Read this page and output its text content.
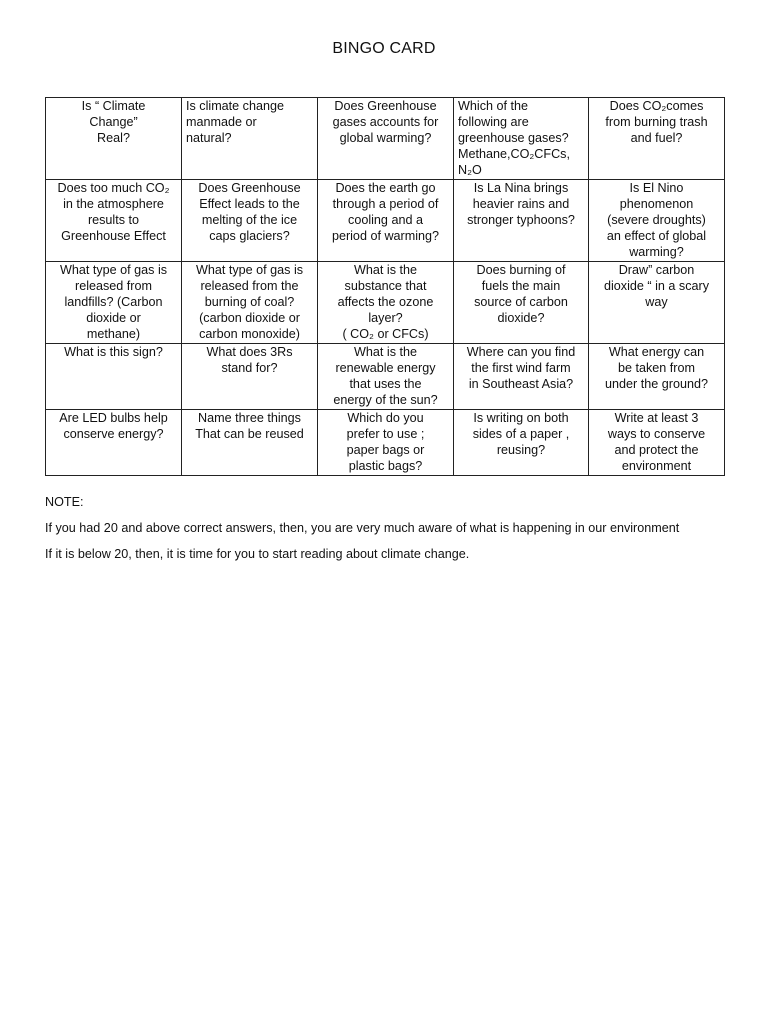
BINGO CARD
Is “ Climate
Change”
Real?	Is climate change
manmade or
natural?	Does Greenhouse
gases accounts for
global warming?	Which of the
following are
greenhouse gases?
Methane,CO₂CFCs,
N₂O	Does CO₂comes
from burning trash
and fuel?
Does too much CO₂
in the atmosphere
results to
Greenhouse Effect	Does Greenhouse
Effect leads to the
melting of the ice
caps glaciers?	Does the earth go
through a period of
cooling and a
period of warming?	Is La Nina brings
heavier rains and
stronger typhoons?	Is El Nino
phenomenon
(severe droughts)
an effect of global
warming?
What type of gas is
released from
landfills? (Carbon
dioxide or
methane)	What type of gas is
released from the
burning of coal?
(carbon dioxide or
carbon monoxide)	What is the
substance that
affects the ozone
layer?
( CO₂ or CFCs)	Does burning of
fuels the main
source of carbon
dioxide?	Draw” carbon
dioxide “ in a scary
way
What is this sign?	What does 3Rs
stand for?	What is the
renewable energy
that uses the
energy of the sun?	Where can you find
the first wind farm
in Southeast Asia?	What energy can
be taken from
under the ground?
Are LED bulbs help
conserve energy?	Name three things
That can be reused	Which do you
prefer to use ;
paper bags or
plastic bags?	Is writing on both
sides of a paper ,
reusing?	Write at least 3
ways to conserve
and protect the
environment

NOTE:

If you had 20 and above correct answers, then, you are very much aware of what is happening in our environment

If it is below 20, then, it is time for you to start reading about climate change.
